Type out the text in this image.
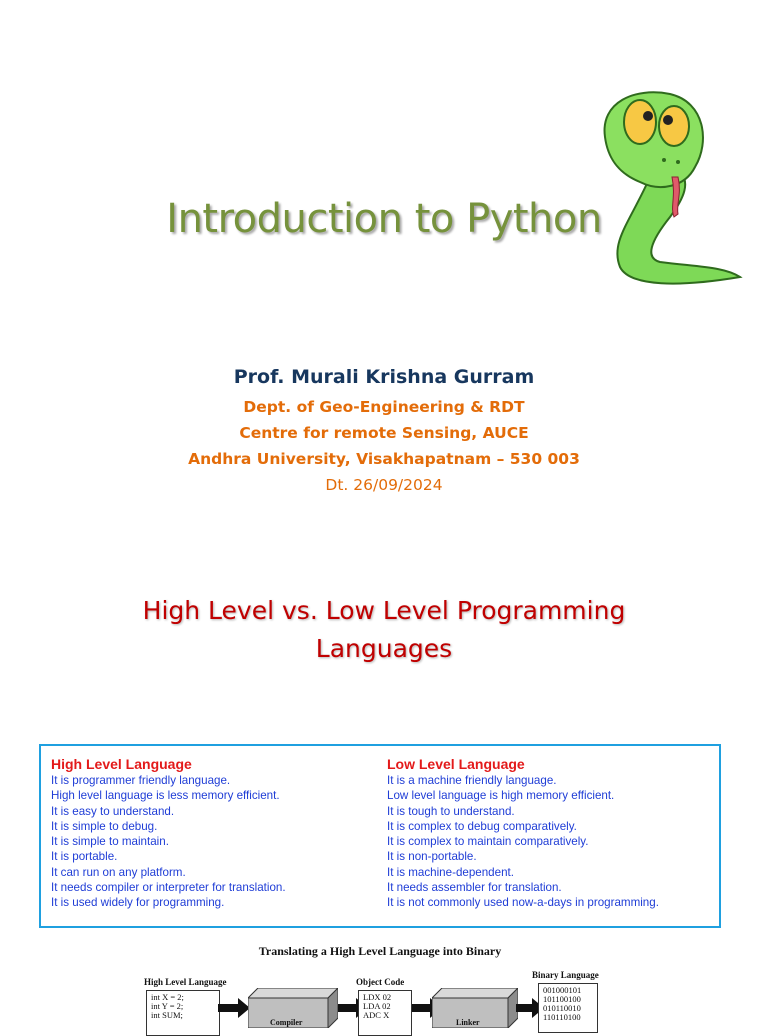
Introduction to Python
Prof. Murali Krishna Gurram
Dept. of Geo-Engineering & RDT
Centre for remote Sensing, AUCE
Andhra University, Visakhapatnam – 530 003
Dt. 26/09/2024
High Level vs. Low Level Programming
Languages
High Level Language
It is programmer friendly language.
High level language is less memory efficient.
It is easy to understand.
It is simple to debug.
It is simple to maintain.
It is portable.
It can run on any platform.
It needs compiler or interpreter for translation.
It is used widely for programming.
Low Level Language
It is a machine friendly language.
Low level language is high memory efficient.
It is tough to understand.
It is complex to debug comparatively.
It is complex to maintain comparatively.
It is non-portable.
It is machine-dependent.
It needs assembler for translation.
It is not commonly used now-a-days in programming.
Translating a High Level Language into Binary
High Level Language
int X = 2;
int Y = 2;
int SUM;
Compiler
Object Code
LDX 02
LDA 02
ADC X
Linker
Binary Language
001000101
101100100
010110010
110110100
